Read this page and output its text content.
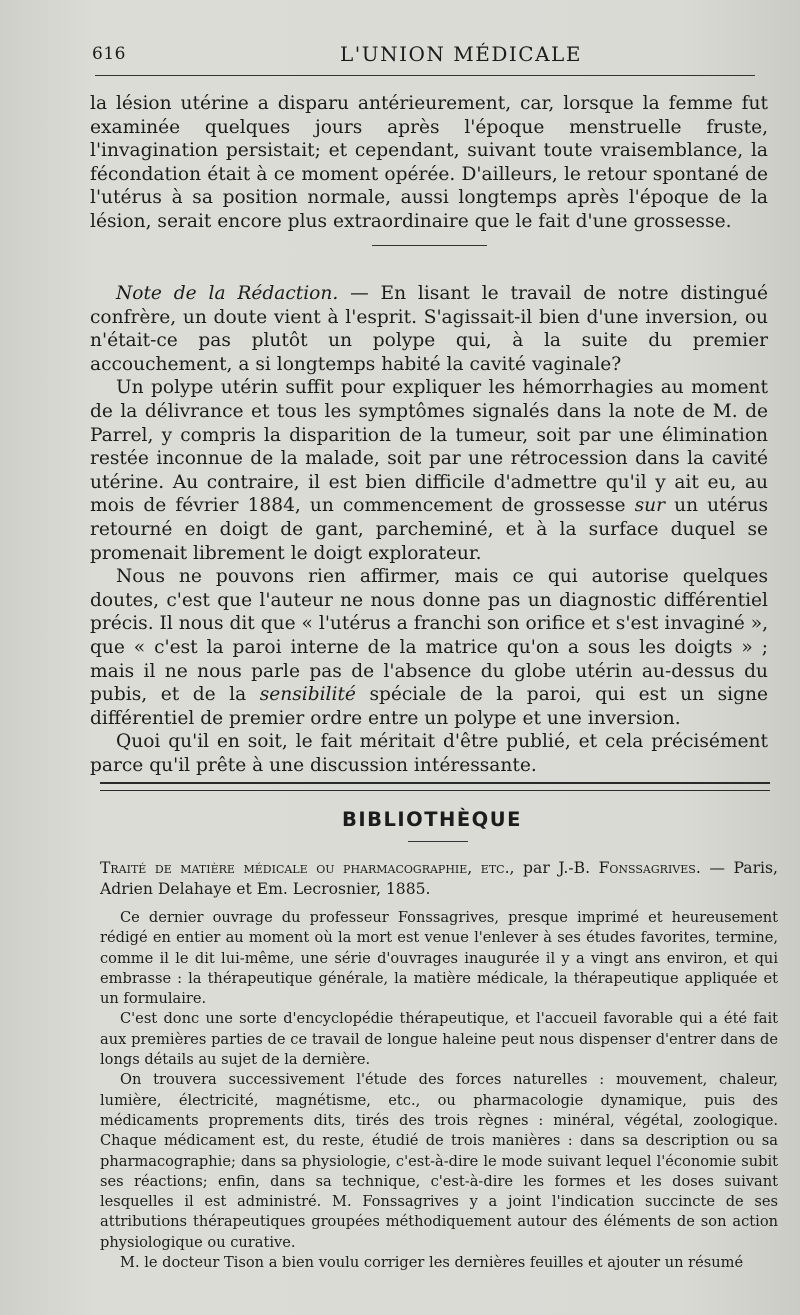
616	L'UNION MÉDICALE

la lésion utérine a disparu antérieurement, car, lorsque la femme fut examinée quelques jours après l'époque menstruelle fruste, l'invagination persistait; et cependant, suivant toute vraisemblance, la fécondation était à ce moment opérée. D'ailleurs, le retour spontané de l'utérus à sa position normale, aussi longtemps après l'époque de la lésion, serait encore plus extraordinaire que le fait d'une grossesse.

Note de la Rédaction. — En lisant le travail de notre distingué confrère, un doute vient à l'esprit. S'agissait-il bien d'une inversion, ou n'était-ce pas plutôt un polype qui, à la suite du premier accouchement, a si longtemps habité la cavité vaginale?

Un polype utérin suffit pour expliquer les hémorrhagies au moment de la délivrance et tous les symptômes signalés dans la note de M. de Parrel, y compris la disparition de la tumeur, soit par une élimination restée inconnue de la malade, soit par une rétrocession dans la cavité utérine. Au contraire, il est bien difficile d'admettre qu'il y ait eu, au mois de février 1884, un commencement de grossesse sur un utérus retourné en doigt de gant, parcheminé, et à la surface duquel se promenait librement le doigt explorateur.

Nous ne pouvons rien affirmer, mais ce qui autorise quelques doutes, c'est que l'auteur ne nous donne pas un diagnostic différentiel précis. Il nous dit que « l'utérus a franchi son orifice et s'est invaginé », que « c'est la paroi interne de la matrice qu'on a sous les doigts » ; mais il ne nous parle pas de l'absence du globe utérin au-dessus du pubis, et de la sensibilité spéciale de la paroi, qui est un signe différentiel de premier ordre entre un polype et une inversion.

Quoi qu'il en soit, le fait méritait d'être publié, et cela précisément parce qu'il prête à une discussion intéressante.

BIBLIOTHÈQUE

Traité de matière médicale ou pharmacographie, etc., par J.-B. Fonssagrives. — Paris, Adrien Delahaye et Em. Lecrosnier, 1885.

Ce dernier ouvrage du professeur Fonssagrives, presque imprimé et heureusement rédigé en entier au moment où la mort est venue l'enlever à ses études favorites, termine, comme il le dit lui-même, une série d'ouvrages inaugurée il y a vingt ans environ, et qui embrasse : la thérapeutique générale, la matière médicale, la thérapeutique appliquée et un formulaire.

C'est donc une sorte d'encyclopédie thérapeutique, et l'accueil favorable qui a été fait aux premières parties de ce travail de longue haleine peut nous dispenser d'entrer dans de longs détails au sujet de la dernière.

On trouvera successivement l'étude des forces naturelles : mouvement, chaleur, lumière, électricité, magnétisme, etc., ou pharmacologie dynamique, puis des médicaments proprements dits, tirés des trois règnes : minéral, végétal, zoologique. Chaque médicament est, du reste, étudié de trois manières : dans sa description ou sa pharmacographie; dans sa physiologie, c'est-à-dire le mode suivant lequel l'économie subit ses réactions; enfin, dans sa technique, c'est-à-dire les formes et les doses suivant lesquelles il est administré. M. Fonssagrives y a joint l'indication succincte de ses attributions thérapeutiques groupées méthodiquement autour des éléments de son action physiologique ou curative.

M. le docteur Tison a bien voulu corriger les dernières feuilles et ajouter un résumé
